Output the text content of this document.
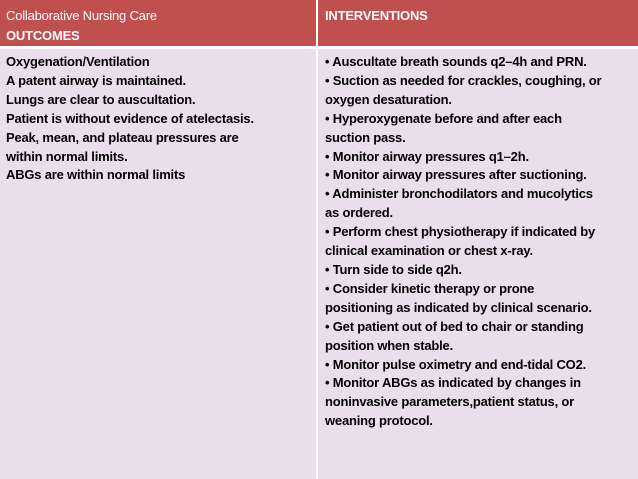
Collaborative Nursing Care
OUTCOMES
INTERVENTIONS
Oxygenation/Ventilation
A patent airway is maintained.
Lungs are clear to auscultation.
Patient is without evidence of atelectasis.
Peak, mean, and plateau pressures are
within normal limits.
ABGs are within normal limits
• Auscultate breath sounds q2–4h and PRN.
• Suction as needed for crackles, coughing, or
oxygen desaturation.
• Hyperoxygenate before and after each
suction pass.
• Monitor airway pressures q1–2h.
• Monitor airway pressures after suctioning.
• Administer bronchodilators and mucolytics
as ordered.
• Perform chest physiotherapy if indicated by
clinical examination or chest x-ray.
• Turn side to side q2h.
• Consider kinetic therapy or prone
positioning as indicated by clinical scenario.
• Get patient out of bed to chair or standing
position when stable.
• Monitor pulse oximetry and end-tidal CO2.
• Monitor ABGs as indicated by changes in
noninvasive parameters,patient status, or
weaning protocol.
